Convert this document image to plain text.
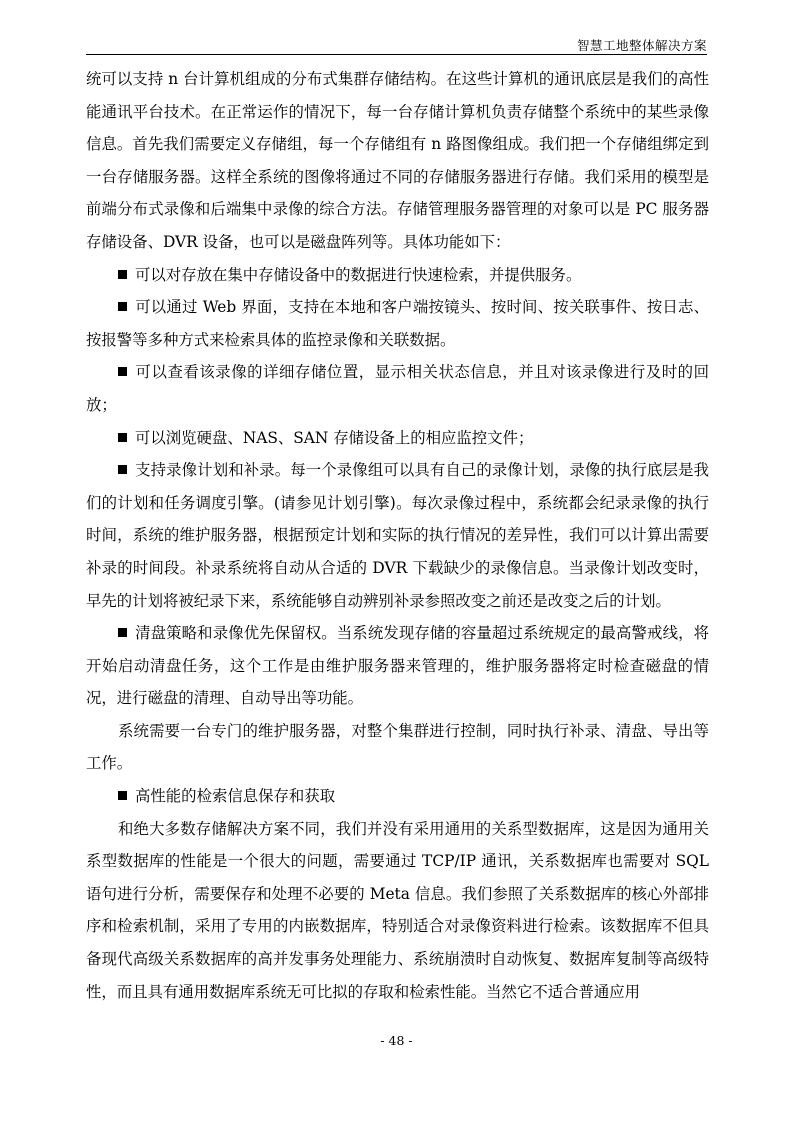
智慧工地整体解决方案

统可以支持 n 台计算机组成的分布式集群存储结构。在这些计算机的通讯底层是我们的高性能通讯平台技术。在正常运作的情况下，每一台存储计算机负责存储整个系统中的某些录像信息。首先我们需要定义存储组，每一个存储组有 n 路图像组成。我们把一个存储组绑定到一台存储服务器。这样全系统的图像将通过不同的存储服务器进行存储。我们采用的模型是前端分布式录像和后端集中录像的综合方法。存储管理服务器管理的对象可以是 PC 服务器存储设备、DVR 设备，也可以是磁盘阵列等。具体功能如下：

可以对存放在集中存储设备中的数据进行快速检索，并提供服务。

可以通过 Web 界面，支持在本地和客户端按镜头、按时间、按关联事件、按日志、按报警等多种方式来检索具体的监控录像和关联数据。

可以查看该录像的详细存储位置，显示相关状态信息，并且对该录像进行及时的回放；

可以浏览硬盘、NAS、SAN 存储设备上的相应监控文件；

支持录像计划和补录。每一个录像组可以具有自己的录像计划，录像的执行底层是我们的计划和任务调度引擎。(请参见计划引擎)。每次录像过程中，系统都会纪录录像的执行时间，系统的维护服务器，根据预定计划和实际的执行情况的差异性，我们可以计算出需要补录的时间段。补录系统将自动从合适的 DVR 下载缺少的录像信息。当录像计划改变时，早先的计划将被纪录下来，系统能够自动辨别补录参照改变之前还是改变之后的计划。

清盘策略和录像优先保留权。当系统发现存储的容量超过系统规定的最高警戒线，将开始启动清盘任务，这个工作是由维护服务器来管理的，维护服务器将定时检查磁盘的情况，进行磁盘的清理、自动导出等功能。

系统需要一台专门的维护服务器，对整个集群进行控制，同时执行补录、清盘、导出等工作。

高性能的检索信息保存和获取

和绝大多数存储解决方案不同，我们并没有采用通用的关系型数据库，这是因为通用关系型数据库的性能是一个很大的问题，需要通过 TCP/IP 通讯，关系数据库也需要对 SQL 语句进行分析，需要保存和处理不必要的 Meta 信息。我们参照了关系数据库的核心外部排序和检索机制，采用了专用的内嵌数据库，特别适合对录像资料进行检索。该数据库不但具备现代高级关系数据库的高并发事务处理能力、系统崩溃时自动恢复、数据库复制等高级特性，而且具有通用数据库系统无可比拟的存取和检索性能。当然它不适合普通应用

- 48 -
